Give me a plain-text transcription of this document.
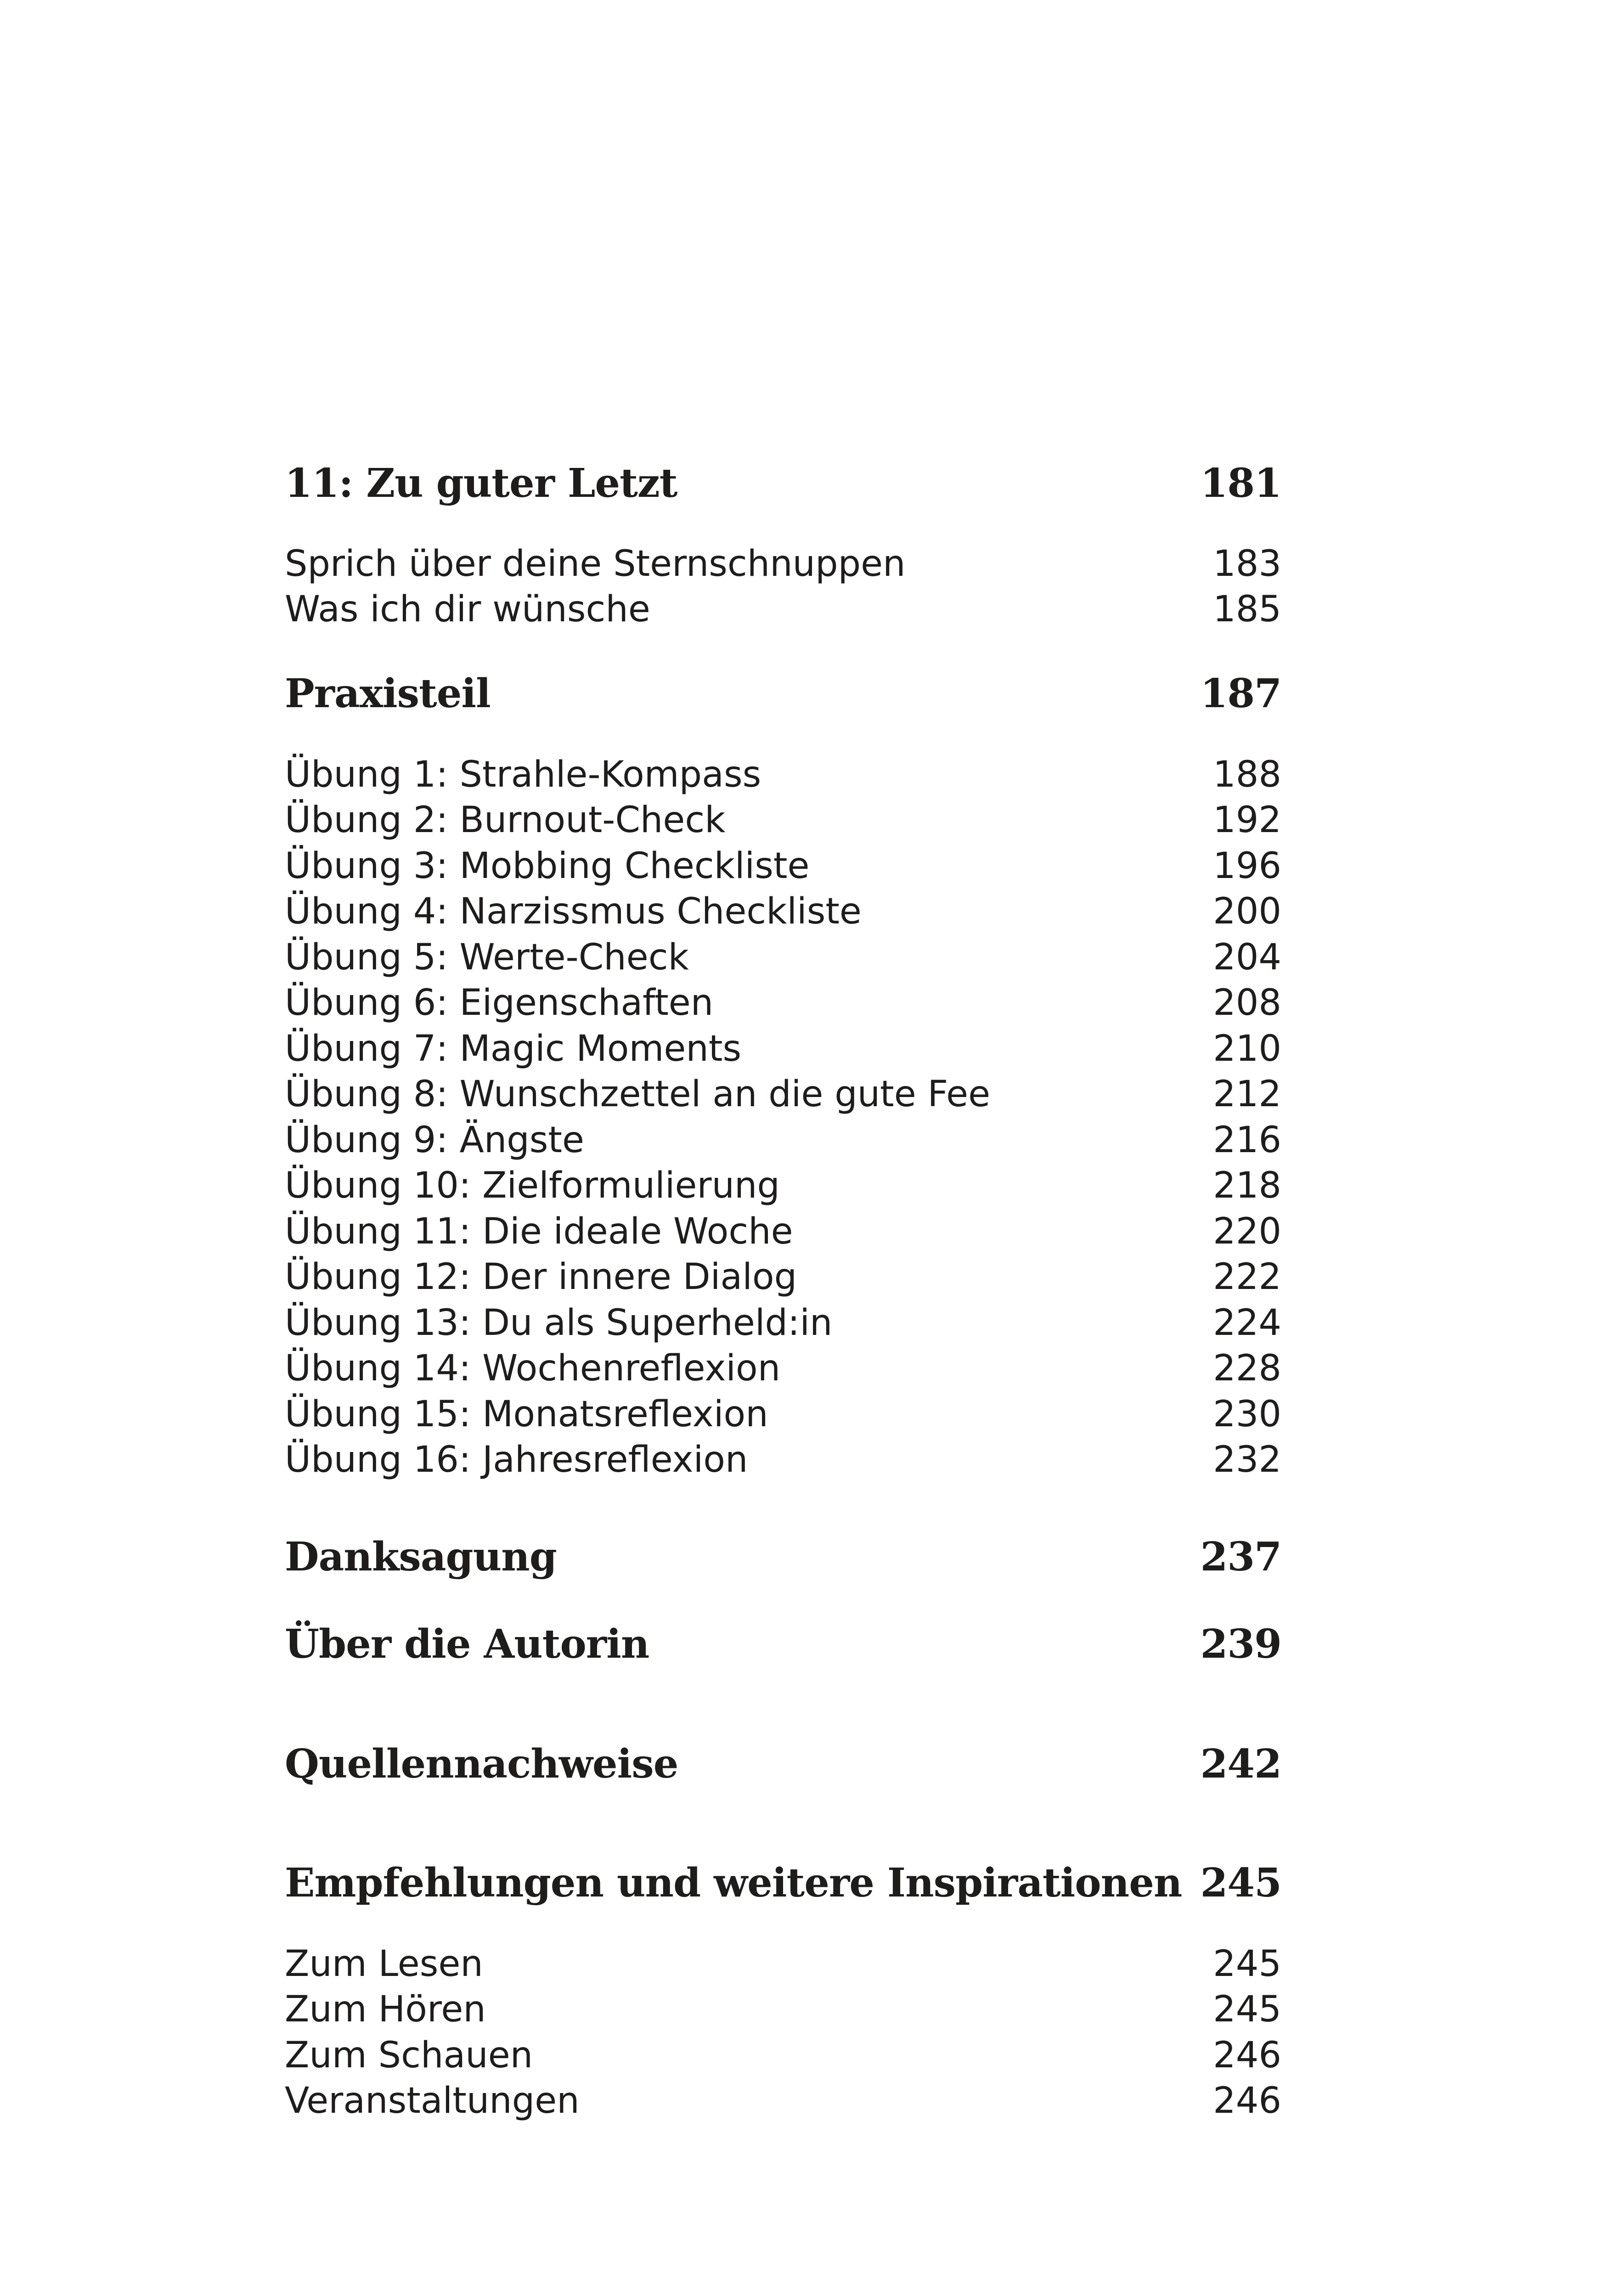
11: Zu guter Letzt	181
Sprich über deine Sternschnuppen	183
Was ich dir wünsche	185
Praxisteil	187
Übung 1: Strahle-Kompass	188
Übung 2: Burnout-Check	192
Übung 3: Mobbing Checkliste	196
Übung 4: Narzissmus Checkliste	200
Übung 5: Werte-Check	204
Übung 6: Eigenschaften	208
Übung 7: Magic Moments	210
Übung 8: Wunschzettel an die gute Fee	212
Übung 9: Ängste	216
Übung 10: Zielformulierung	218
Übung 11: Die ideale Woche	220
Übung 12: Der innere Dialog	222
Übung 13: Du als Superheld:in	224
Übung 14: Wochenreflexion	228
Übung 15: Monatsreflexion	230
Übung 16: Jahresreflexion	232
Danksagung	237
Über die Autorin	239
Quellennachweise	242
Empfehlungen und weitere Inspirationen 245
Zum Lesen	245
Zum Hören	245
Zum Schauen	246
Veranstaltungen	246
